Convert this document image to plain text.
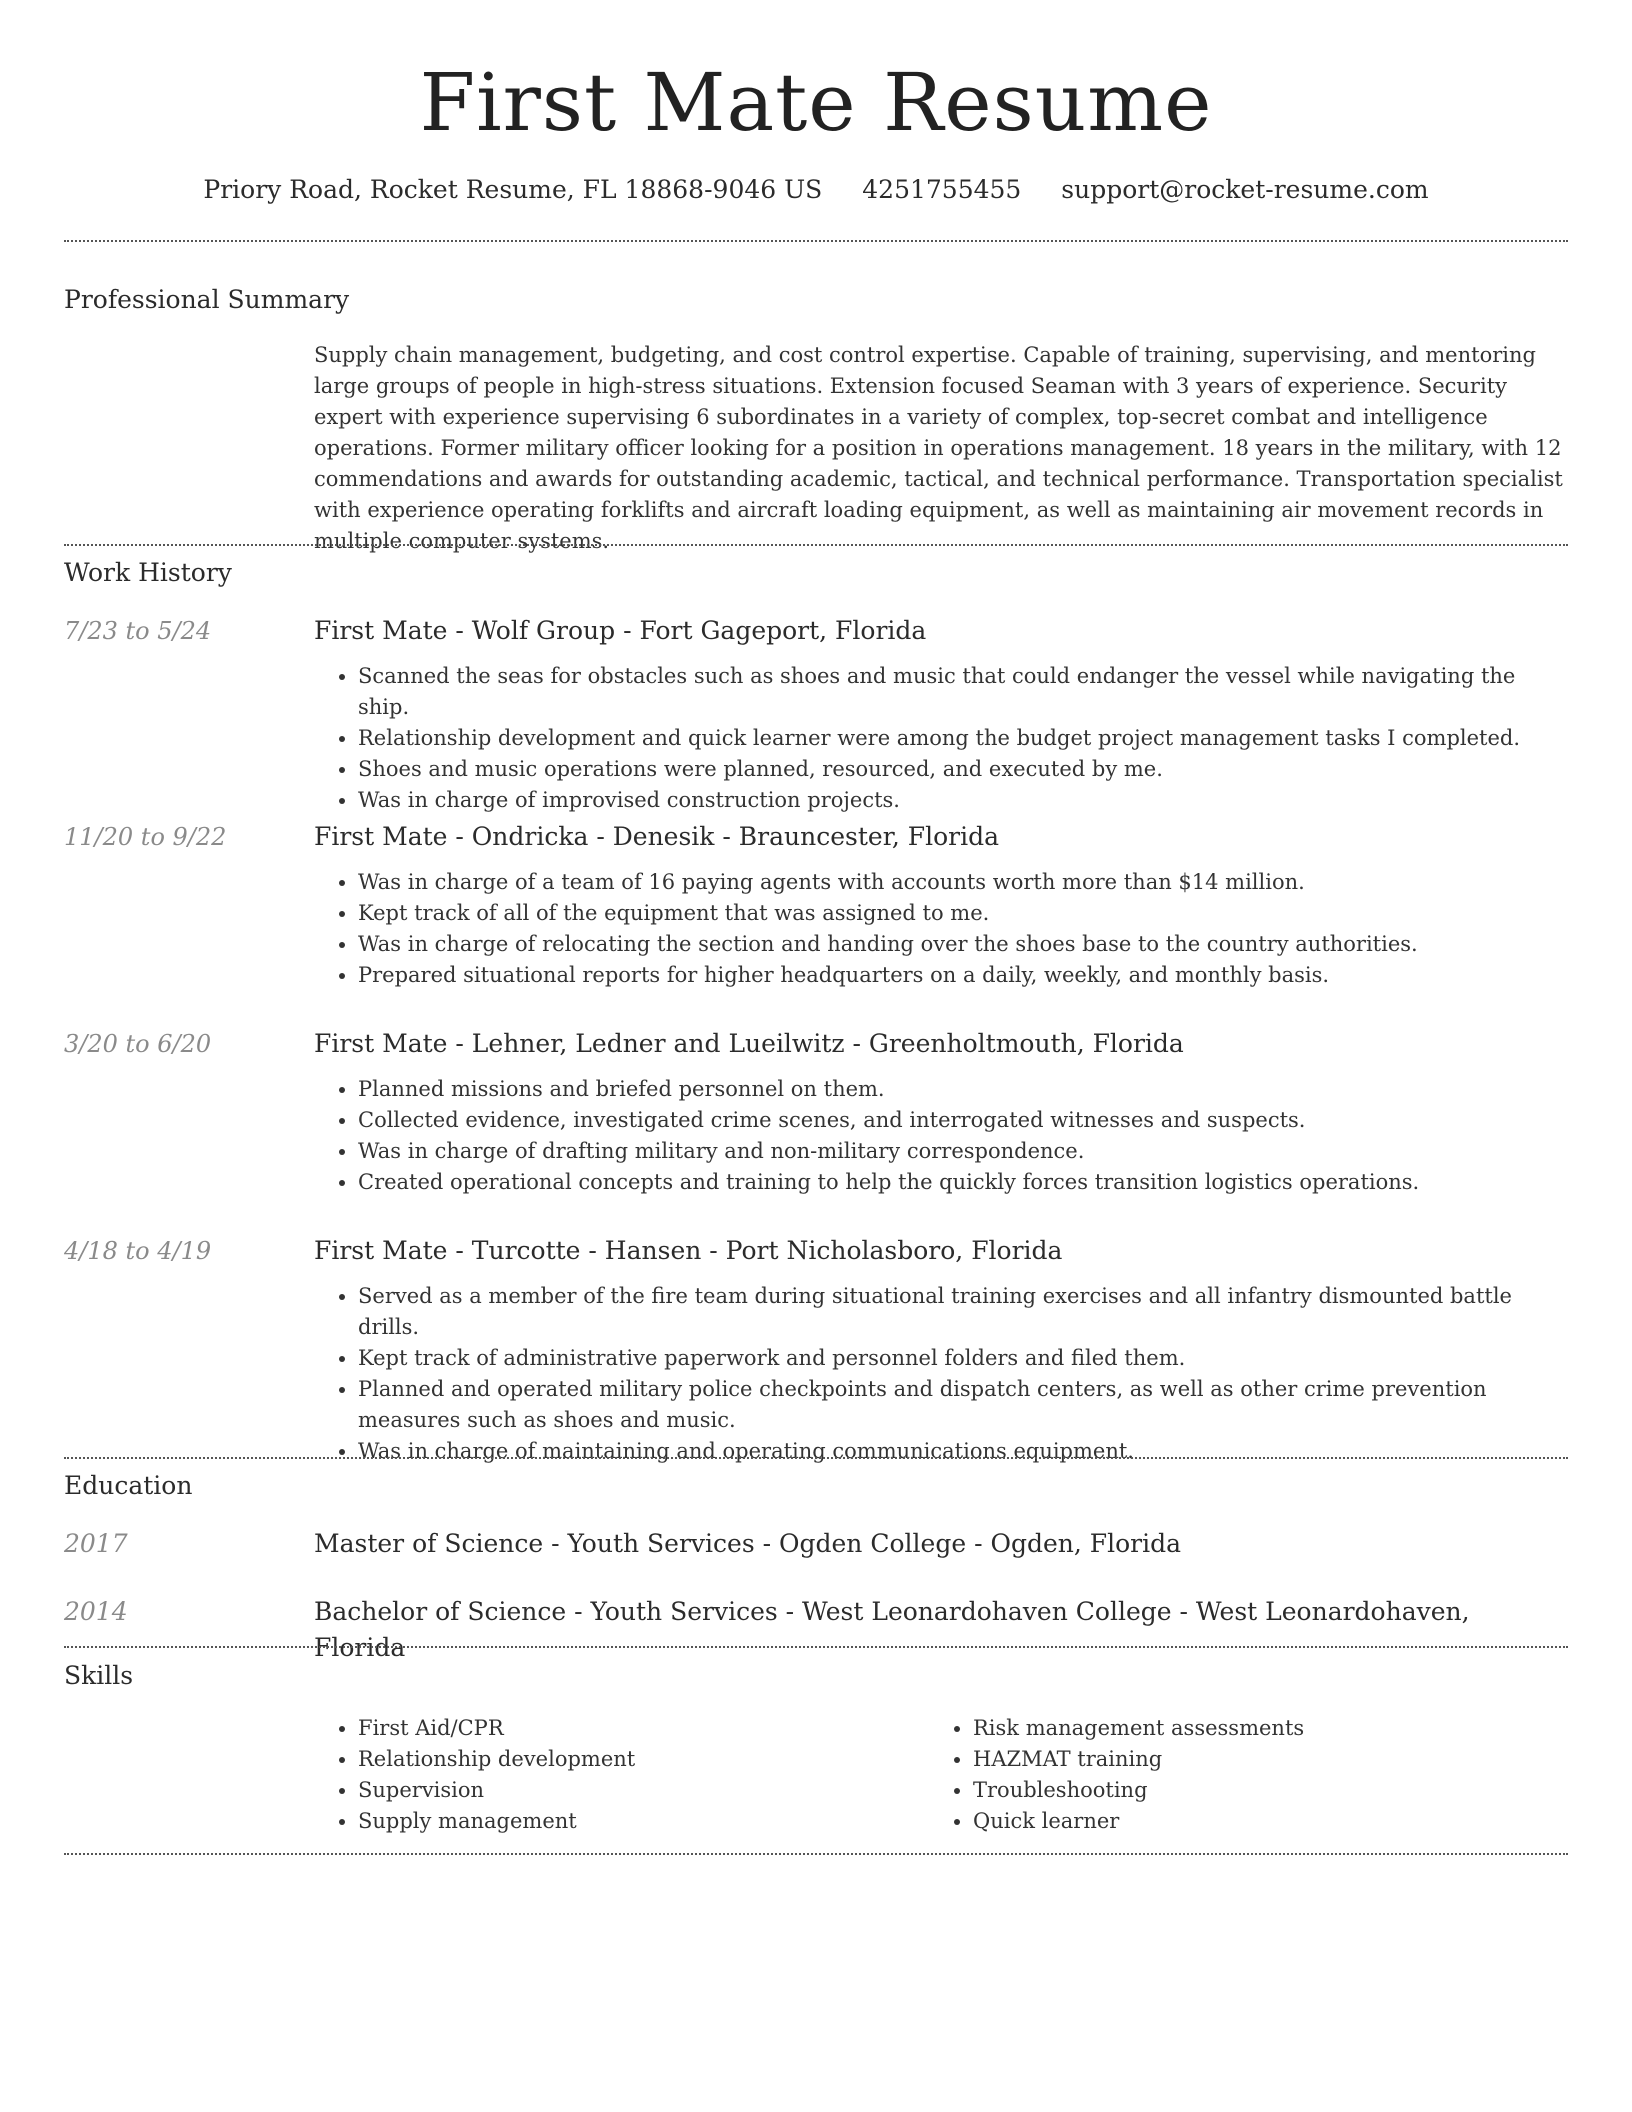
First Mate Resume
Priory Road, Rocket Resume, FL 18868-9046 US 4251755455 support@rocket-resume.com
Professional Summary

Supply chain management, budgeting, and cost control expertise. Capable of training, supervising, and mentoring large groups of people in high-stress situations. Extension focused Seaman with 3 years of experience. Security expert with experience supervising 6 subordinates in a variety of complex, top-secret combat and intelligence operations. Former military officer looking for a position in operations management. 18 years in the military, with 12 commendations and awards for outstanding academic, tactical, and technical performance. Transportation specialist with experience operating forklifts and aircraft loading equipment, as well as maintaining air movement records in multiple computer systems.

Work History
7/23 to 5/24	First Mate - Wolf Group - Fort Gageport, Florida
• Scanned the seas for obstacles such as shoes and music that could endanger the vessel while navigating the ship.
• Relationship development and quick learner were among the budget project management tasks I completed.
• Shoes and music operations were planned, resourced, and executed by me.
• Was in charge of improvised construction projects.
11/20 to 9/22	First Mate - Ondricka - Denesik - Brauncester, Florida
• Was in charge of a team of 16 paying agents with accounts worth more than $14 million.
• Kept track of all of the equipment that was assigned to me.
• Was in charge of relocating the section and handing over the shoes base to the country authorities.
• Prepared situational reports for higher headquarters on a daily, weekly, and monthly basis.
3/20 to 6/20	First Mate - Lehner, Ledner and Lueilwitz - Greenholtmouth, Florida
• Planned missions and briefed personnel on them.
• Collected evidence, investigated crime scenes, and interrogated witnesses and suspects.
• Was in charge of drafting military and non-military correspondence.
• Created operational concepts and training to help the quickly forces transition logistics operations.
4/18 to 4/19	First Mate - Turcotte - Hansen - Port Nicholasboro, Florida
• Served as a member of the fire team during situational training exercises and all infantry dismounted battle drills.
• Kept track of administrative paperwork and personnel folders and filed them.
• Planned and operated military police checkpoints and dispatch centers, as well as other crime prevention measures such as shoes and music.
• Was in charge of maintaining and operating communications equipment.
Education
2017	Master of Science - Youth Services - Ogden College - Ogden, Florida
2014	Bachelor of Science - Youth Services - West Leonardohaven College - West Leonardohaven, Florida
Skills
• First Aid/CPR
• Relationship development
• Supervision
• Supply management
• Risk management assessments
• HAZMAT training
• Troubleshooting
• Quick learner
